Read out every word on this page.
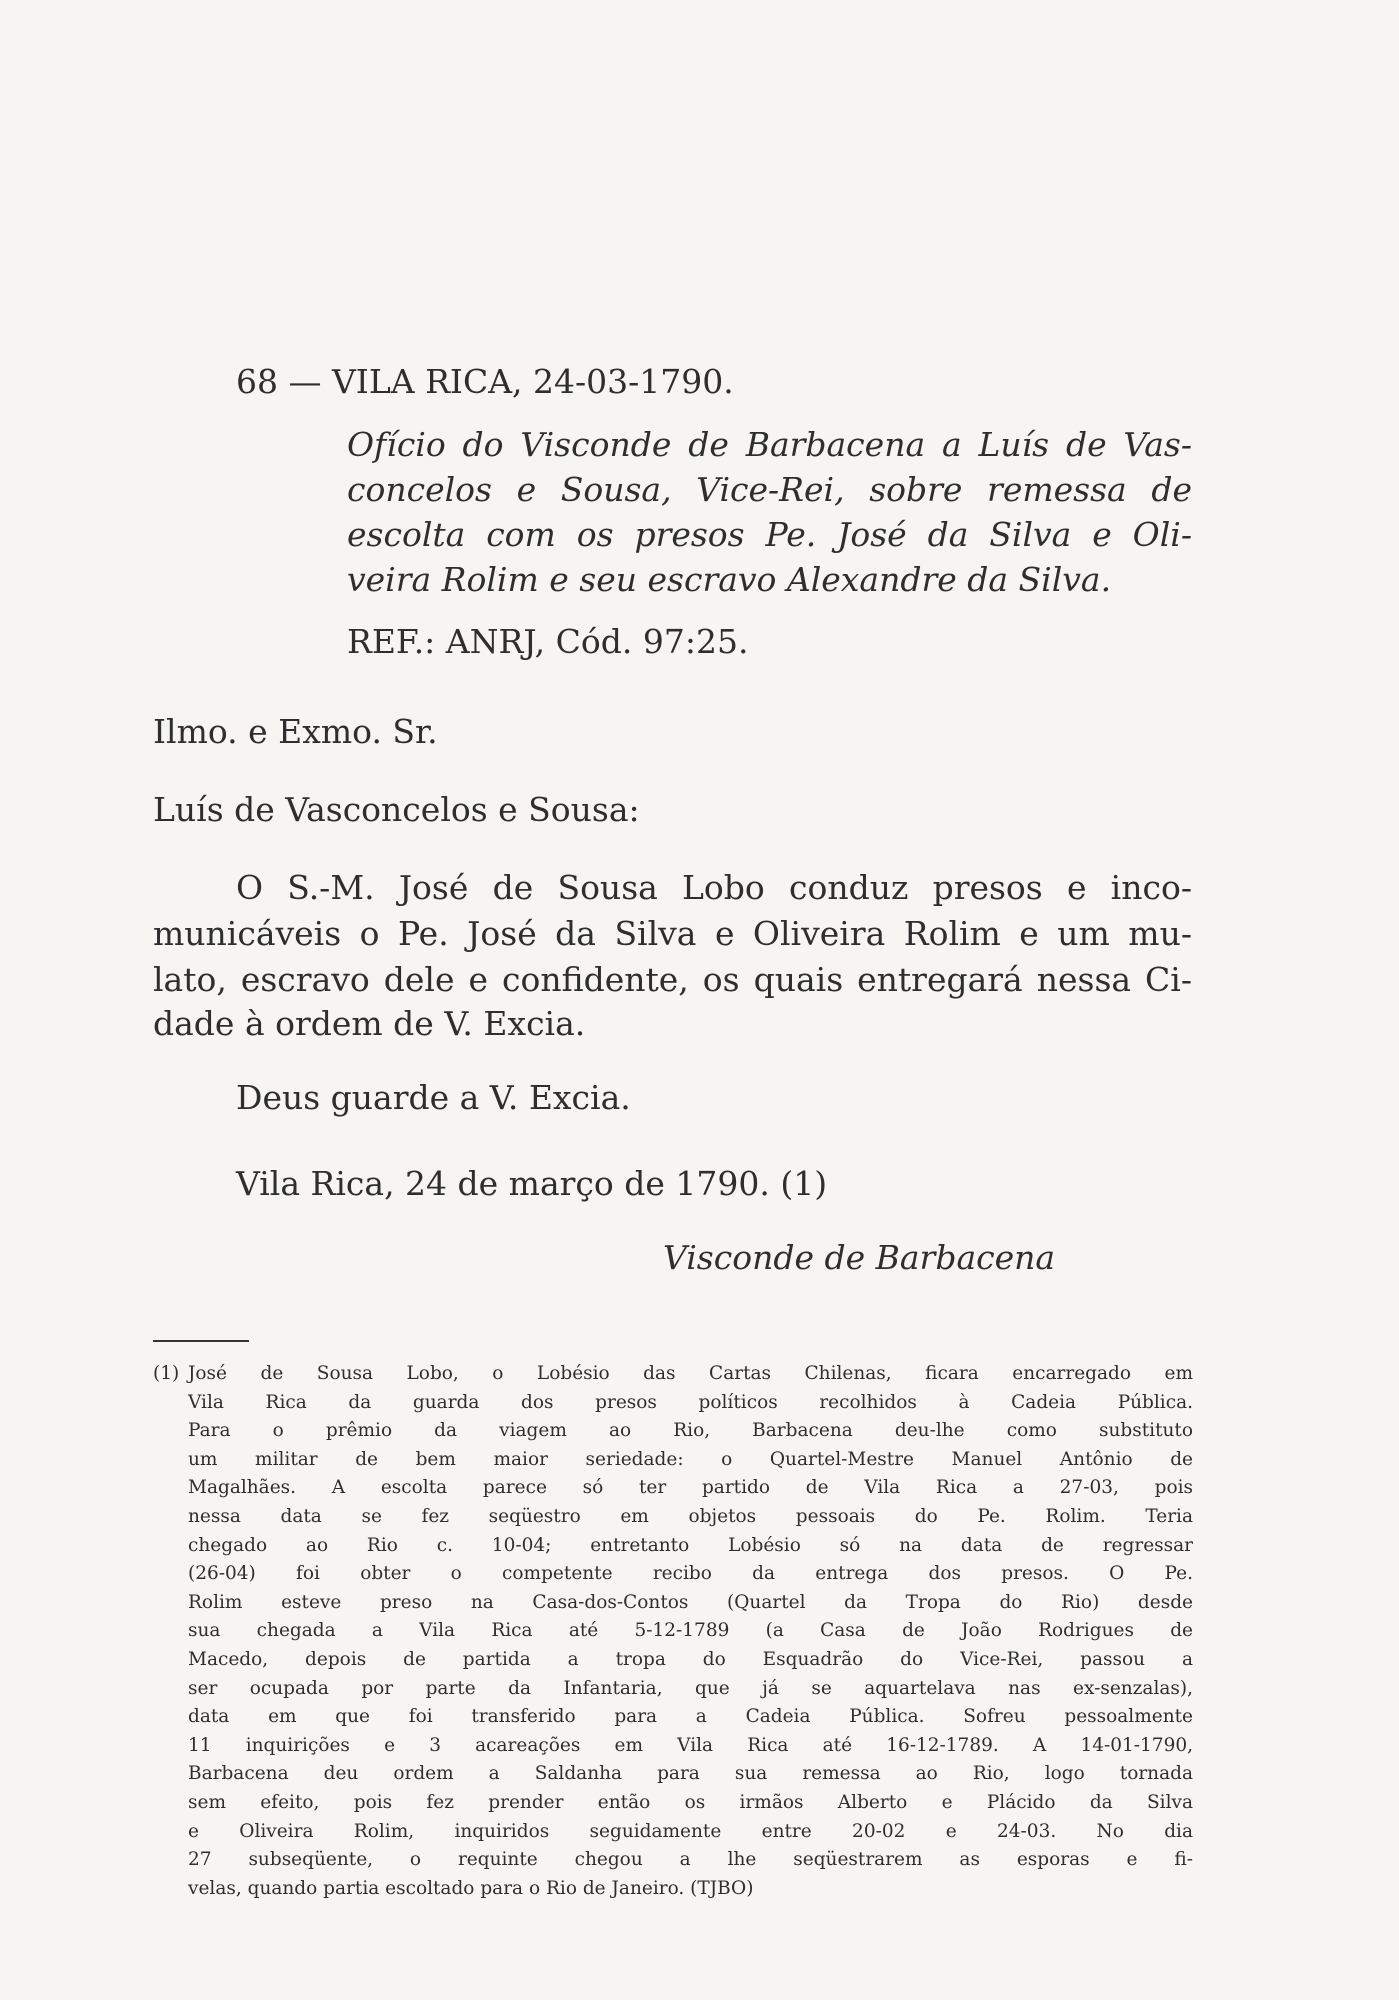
68 — VILA RICA, 24-03-1790.
Ofício do Visconde de Barbacena a Luís de Vas-
concelos e Sousa, Vice-Rei, sobre remessa de
escolta com os presos Pe. José da Silva e Oli-
veira Rolim e seu escravo Alexandre da Silva.
REF.: ANRJ, Cód. 97:25.
Ilmo. e Exmo. Sr.
Luís de Vasconcelos e Sousa:
O S.-M. José de Sousa Lobo conduz presos e inco-
municáveis o Pe. José da Silva e Oliveira Rolim e um mu-
lato, escravo dele e confidente, os quais entregará nessa Ci-
dade à ordem de V. Excia.
Deus guarde a V. Excia.
Vila Rica, 24 de março de 1790. (1)
Visconde de Barbacena
(1) José de Sousa Lobo, o Lobésio das Cartas Chilenas, ficara encarregado em
Vila Rica da guarda dos presos políticos recolhidos à Cadeia Pública.
Para o prêmio da viagem ao Rio, Barbacena deu-lhe como substituto
um militar de bem maior seriedade: o Quartel-Mestre Manuel Antônio de
Magalhães. A escolta parece só ter partido de Vila Rica a 27-03, pois
nessa data se fez seqüestro em objetos pessoais do Pe. Rolim. Teria
chegado ao Rio c. 10-04; entretanto Lobésio só na data de regressar
(26-04) foi obter o competente recibo da entrega dos presos. O Pe.
Rolim esteve preso na Casa-dos-Contos (Quartel da Tropa do Rio) desde
sua chegada a Vila Rica até 5-12-1789 (a Casa de João Rodrigues de
Macedo, depois de partida a tropa do Esquadrão do Vice-Rei, passou a
ser ocupada por parte da Infantaria, que já se aquartelava nas ex-senzalas),
data em que foi transferido para a Cadeia Pública. Sofreu pessoalmente
11 inquirições e 3 acareações em Vila Rica até 16-12-1789. A 14-01-1790,
Barbacena deu ordem a Saldanha para sua remessa ao Rio, logo tornada
sem efeito, pois fez prender então os irmãos Alberto e Plácido da Silva
e Oliveira Rolim, inquiridos seguidamente entre 20-02 e 24-03. No dia
27 subseqüente, o requinte chegou a lhe seqüestrarem as esporas e fi-
velas, quando partia escoltado para o Rio de Janeiro. (TJBO)
